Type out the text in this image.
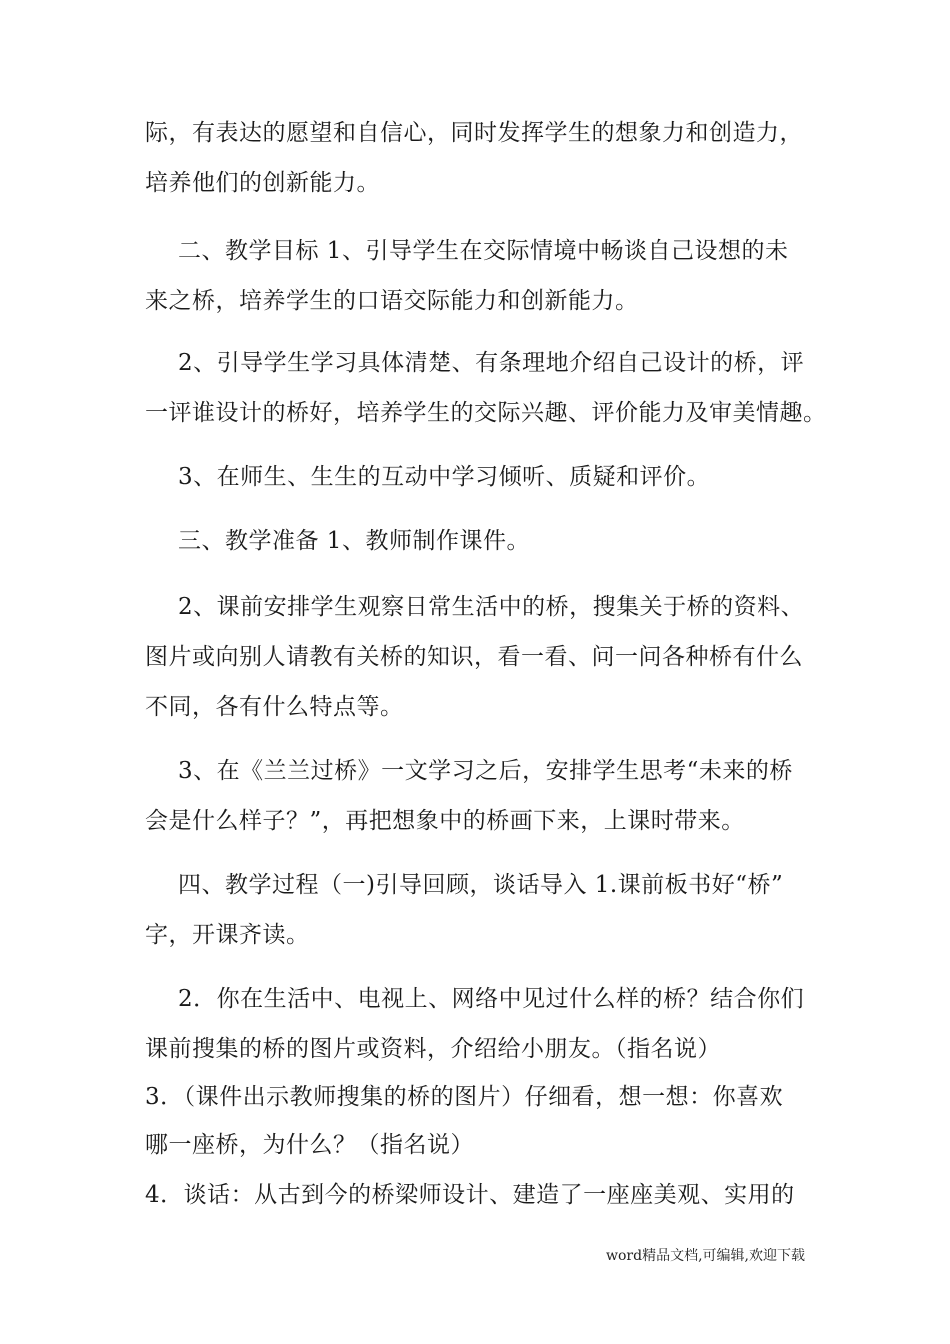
际，有表达的愿望和自信心，同时发挥学生的想象力和创造力，
培养他们的创新能力。
二、教学目标 1、引导学生在交际情境中畅谈自己设想的未
来之桥，培养学生的口语交际能力和创新能力。
2、引导学生学习具体清楚、有条理地介绍自己设计的桥，评
一评谁设计的桥好，培养学生的交际兴趣、评价能力及审美情趣。
3、在师生、生生的互动中学习倾听、质疑和评价。
三、教学准备 1、教师制作课件。
2、课前安排学生观察日常生活中的桥，搜集关于桥的资料、
图片或向别人请教有关桥的知识，看一看、问一问各种桥有什么
不同，各有什么特点等。
3、在《兰兰过桥》一文学习之后，安排学生思考“未来的桥
会是什么样子？”，再把想象中的桥画下来，上课时带来。
四、教学过程（一)引导回顾，谈话导入 1.课前板书好“桥”
字，开课齐读。
2．你在生活中、电视上、网络中见过什么样的桥？结合你们
课前搜集的桥的图片或资料，介绍给小朋友。（指名说）
3．（课件出示教师搜集的桥的图片）仔细看，想一想：你喜欢
哪一座桥，为什么？（指名说）
4．谈话：从古到今的桥梁师设计、建造了一座座美观、实用的
word精品文档,可编辑,欢迎下载
